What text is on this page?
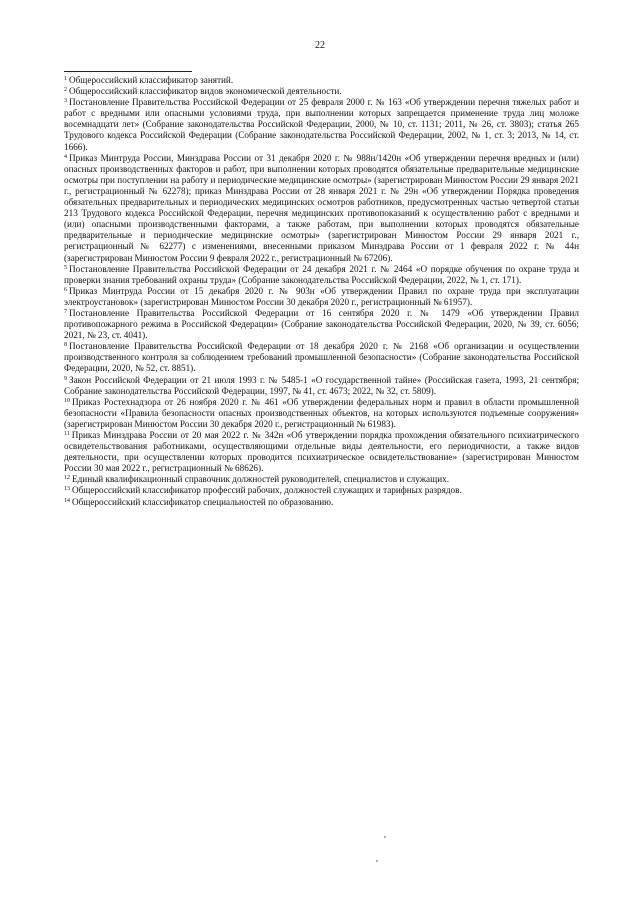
22

$^1$ Общероссийский классификатор занятий.

$^2$ Общероссийский классификатор видов экономической деятельности.

$^3$ Постановление Правительства Российской Федерации от 25 февраля 2000 г. № 163 «Об утверждении перечня тяжелых работ и работ с вредными или опасными условиями труда, при выполнении которых запрещается применение труда лиц моложе восемнадцати лет» (Собрание законодательства Российской Федерации, 2000, № 10, ст. 1131; 2011, № 26, ст. 3803); статья 265 Трудового кодекса Российской Федерации (Собрание законодательства Российской Федерации, 2002, № 1, ст. 3; 2013, № 14, ст. 1666).

$^4$ Приказ Минтруда России, Минздрава России от 31 декабря 2020 г. № 988н/1420н «Об утверждении перечня вредных и (или) опасных производственных факторов и работ, при выполнении которых проводятся обязательные предварительные медицинские осмотры при поступлении на работу и периодические медицинские осмотры» (зарегистрирован Минюстом России 29 января 2021 г., регистрационный № 62278); приказ Минздрава России от 28 января 2021 г. № 29н «Об утверждении Порядка проведения обязательных предварительных и периодических медицинских осмотров работников, предусмотренных частью четвертой статьи 213 Трудового кодекса Российской Федерации, перечня медицинских противопоказаний к осуществлению работ с вредными и (или) опасными производственными факторами, а также работам, при выполнении которых проводятся обязательные предварительные и периодические медицинские осмотры» (зарегистрирован Минюстом России 29 января 2021 г., регистрационный № 62277) с изменениями, внесенными приказом Минздрава России от 1 февраля 2022 г. № 44н (зарегистрирован Минюстом России 9 февраля 2022 г., регистрационный № 67206).

$^5$ Постановление Правительства Российской Федерации от 24 декабря 2021 г. № 2464 «О порядке обучения по охране труда и проверки знания требований охраны труда» (Собрание законодательства Российской Федерации, 2022, № 1, ст. 171).

$^6$ Приказ Минтруда России от 15 декабря 2020 г. № 903н «Об утверждении Правил по охране труда при эксплуатации электроустановок» (зарегистрирован Минюстом России 30 декабря 2020 г., регистрационный № 61957).

$^7$ Постановление Правительства Российской Федерации от 16 сентября 2020 г. № 1479 «Об утверждении Правил противопожарного режима в Российской Федерации» (Собрание законодательства Российской Федерации, 2020, № 39, ст. 6056; 2021, № 23, ст. 4041).

$^8$ Постановление Правительства Российской Федерации от 18 декабря 2020 г. № 2168 «Об организации и осуществлении производственного контроля за соблюдением требований промышленной безопасности» (Собрание законодательства Российской Федерации, 2020, № 52, ст. 8851).

$^9$ Закон Российской Федерации от 21 июля 1993 г. № 5485-1 «О государственной тайне» (Российская газета, 1993, 21 сентября; Собрание законодательства Российской Федерации, 1997, № 41, ст. 4673; 2022, № 32, ст. 5809).

$^{10}$ Приказ Ростехнадзора от 26 ноября 2020 г. № 461 «Об утверждении федеральных норм и правил в области промышленной безопасности «Правила безопасности опасных производственных объектов, на которых используются подъемные сооружения» (зарегистрирован Минюстом России 30 декабря 2020 г., регистрационный № 61983).

$^{11}$ Приказ Минздрава России от 20 мая 2022 г. № 342н «Об утверждении порядка прохождения обязательного психиатрического освидетельствования работниками, осуществляющими отдельные виды деятельности, его периодичности, а также видов деятельности, при осуществлении которых проводится психиатрическое освидетельствование» (зарегистрирован Минюстом России 30 мая 2022 г., регистрационный № 68626).

$^{12}$ Единый квалификационный справочник должностей руководителей, специалистов и служащих.

$^{13}$ Общероссийский классификатор профессий рабочих, должностей служащих и тарифных разрядов.

$^{14}$ Общероссийский классификатор специальностей по образованию.
